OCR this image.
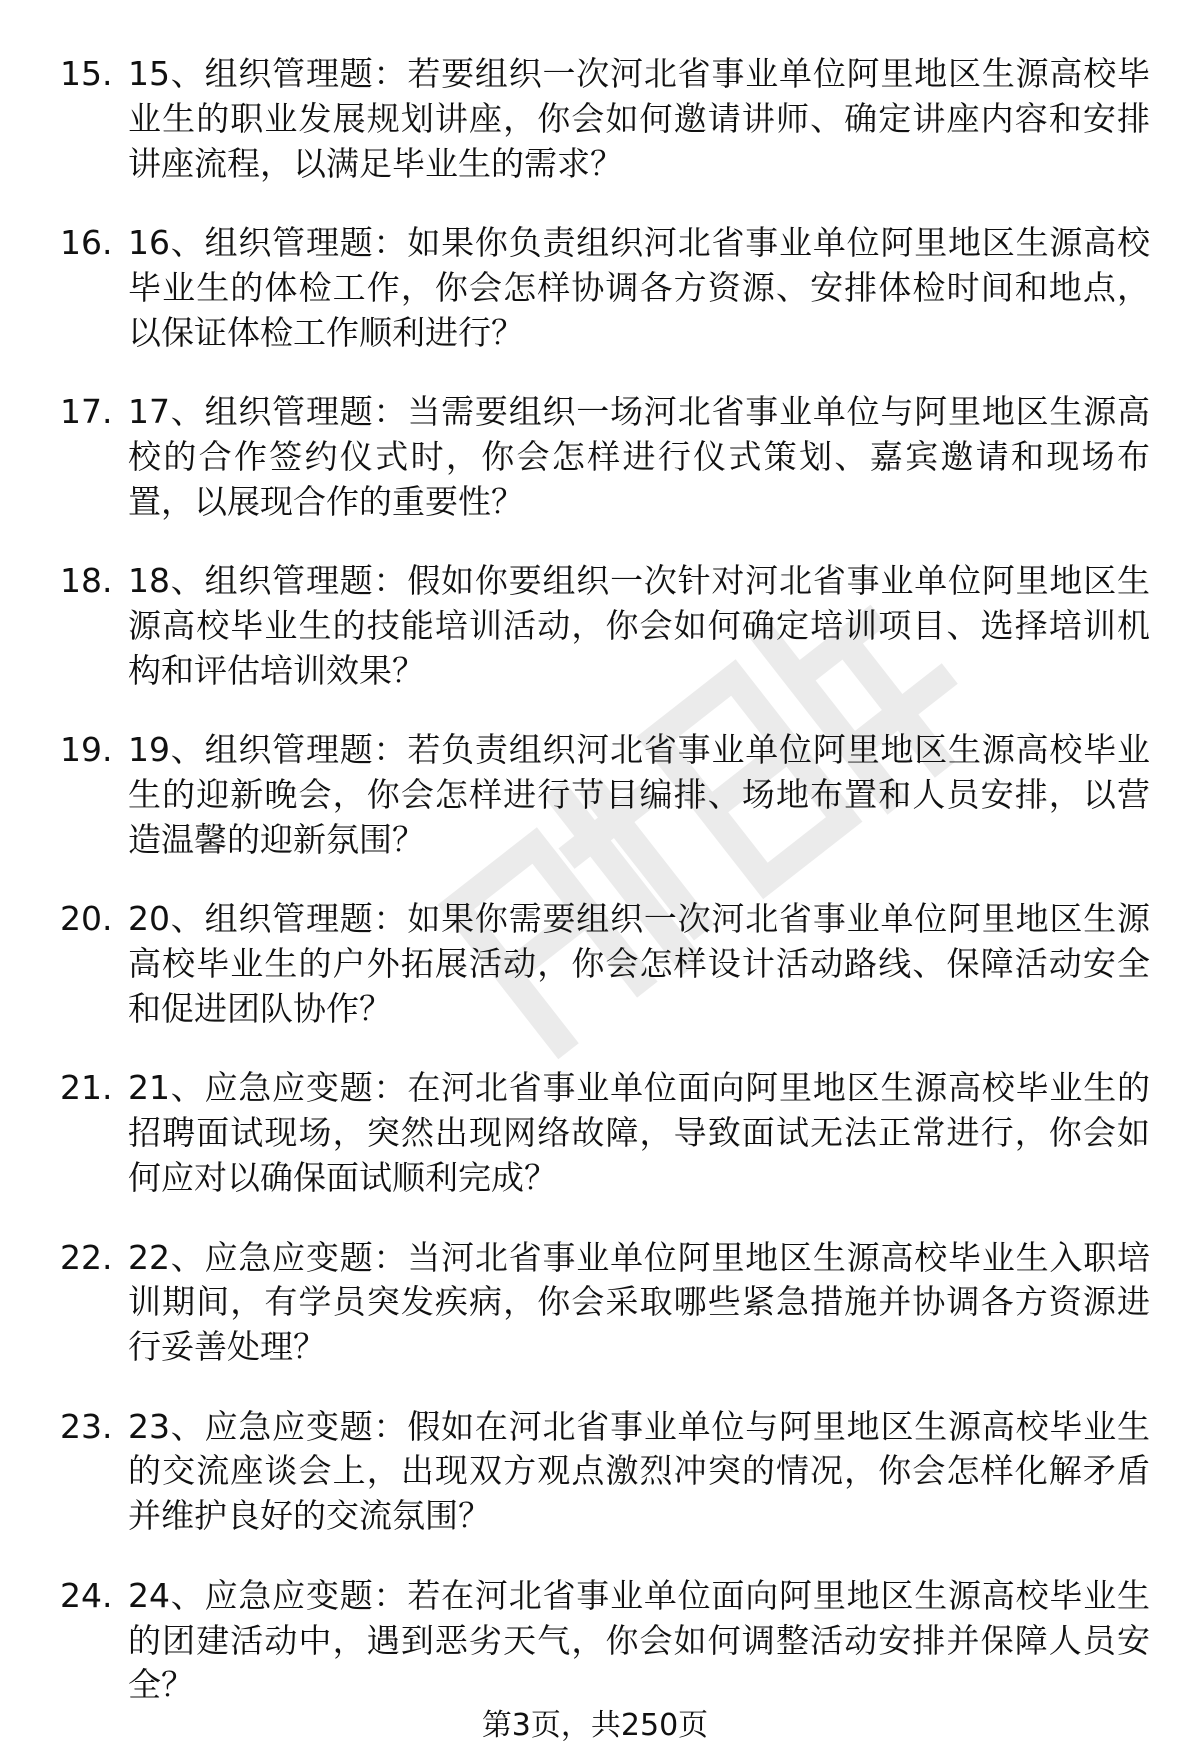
15. 15、组织管理题：若要组织一次河北省事业单位阿里地区生源高校毕业生的职业发展规划讲座，你会如何邀请讲师、确定讲座内容和安排讲座流程，以满足毕业生的需求？
16. 16、组织管理题：如果你负责组织河北省事业单位阿里地区生源高校毕业生的体检工作，你会怎样协调各方资源、安排体检时间和地点，以保证体检工作顺利进行？
17. 17、组织管理题：当需要组织一场河北省事业单位与阿里地区生源高校的合作签约仪式时，你会怎样进行仪式策划、嘉宾邀请和现场布置，以展现合作的重要性？
18. 18、组织管理题：假如你要组织一次针对河北省事业单位阿里地区生源高校毕业生的技能培训活动，你会如何确定培训项目、选择培训机构和评估培训效果？
19. 19、组织管理题：若负责组织河北省事业单位阿里地区生源高校毕业生的迎新晚会，你会怎样进行节目编排、场地布置和人员安排，以营造温馨的迎新氛围？
20. 20、组织管理题：如果你需要组织一次河北省事业单位阿里地区生源高校毕业生的户外拓展活动，你会怎样设计活动路线、保障活动安全和促进团队协作？
21. 21、应急应变题：在河北省事业单位面向阿里地区生源高校毕业生的招聘面试现场，突然出现网络故障，导致面试无法正常进行，你会如何应对以确保面试顺利完成？
22. 22、应急应变题：当河北省事业单位阿里地区生源高校毕业生入职培训期间，有学员突发疾病，你会采取哪些紧急措施并协调各方资源进行妥善处理？
23. 23、应急应变题：假如在河北省事业单位与阿里地区生源高校毕业生的交流座谈会上，出现双方观点激烈冲突的情况，你会怎样化解矛盾并维护良好的交流氛围？
24. 24、应急应变题：若在河北省事业单位面向阿里地区生源高校毕业生的团建活动中，遇到恶劣天气，你会如何调整活动安排并保障人员安全？
第3页，共250页
